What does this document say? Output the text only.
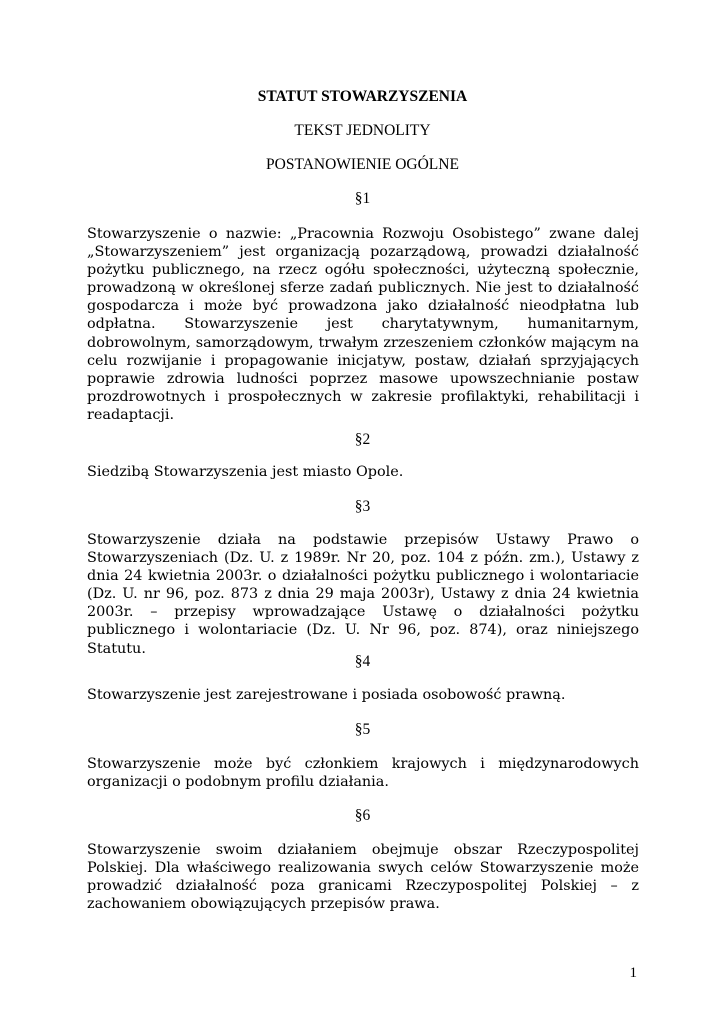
STATUT STOWARZYSZENIA

TEKST JEDNOLITY

POSTANOWIENIE OGÓLNE

§1

Stowarzyszenie o nazwie: „Pracownia Rozwoju Osobistego” zwane dalej „Stowarzyszeniem” jest organizacją pozarządową, prowadzi działalność pożytku publicznego, na rzecz ogółu społeczności, użyteczną społecznie, prowadzoną w określonej sferze zadań publicznych. Nie jest to działalność gospodarcza i może być prowadzona jako działalność nieodpłatna lub odpłatna. Stowarzyszenie jest charytatywnym, humanitarnym, dobrowolnym, samorządowym, trwałym zrzeszeniem członków mającym na celu rozwijanie i propagowanie inicjatyw, postaw, działań sprzyjających poprawie zdrowia ludności poprzez masowe upowszechnianie postaw prozdrowotnych i prospołecznych w zakresie profilaktyki, rehabilitacji i readaptacji.

§2

Siedzibą Stowarzyszenia jest miasto Opole.

§3

Stowarzyszenie działa na podstawie przepisów Ustawy Prawo o Stowarzyszeniach (Dz. U. z 1989r. Nr 20, poz. 104 z późn. zm.), Ustawy z dnia 24 kwietnia 2003r. o działalności pożytku publicznego i wolontariacie (Dz. U. nr 96, poz. 873 z dnia 29 maja 2003r), Ustawy z dnia 24 kwietnia 2003r. – przepisy wprowadzające Ustawę o działalności pożytku publicznego i wolontariacie (Dz. U. Nr 96, poz. 874), oraz niniejszego Statutu.

§4

Stowarzyszenie jest zarejestrowane i posiada osobowość prawną.

§5

Stowarzyszenie może być członkiem krajowych i międzynarodowych organizacji o podobnym profilu działania.

§6

Stowarzyszenie swoim działaniem obejmuje obszar Rzeczypospolitej Polskiej. Dla właściwego realizowania swych celów Stowarzyszenie może prowadzić działalność poza granicami Rzeczypospolitej Polskiej – z zachowaniem obowiązujących przepisów prawa.

1
